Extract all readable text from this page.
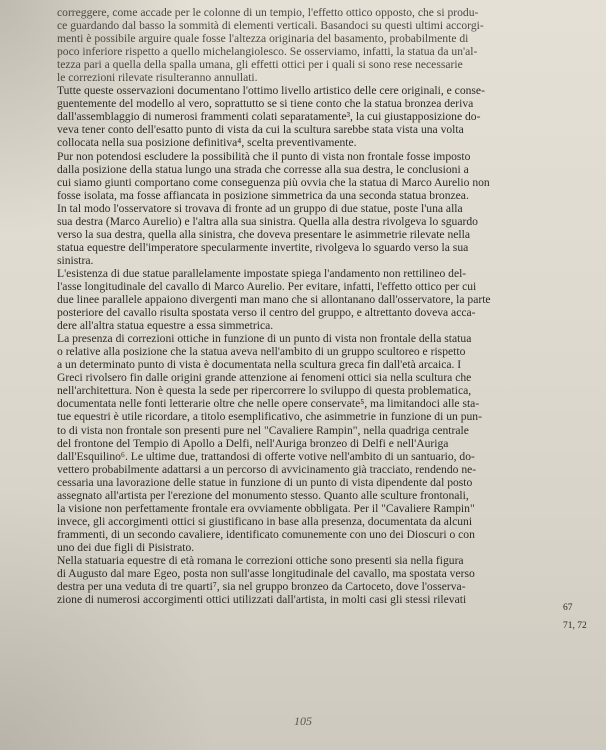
correggere, come accade per le colonne di un tempio, l'effetto ottico opposto, che si produ-
ce guardando dal basso la sommità di elementi verticali. Basandoci su questi ultimi accorgi-
menti è possibile arguire quale fosse l'altezza originaria del basamento, probabilmente di
poco inferiore rispetto a quello michelangiolesco. Se osserviamo, infatti, la statua da un'al-
tezza pari a quella della spalla umana, gli effetti ottici per i quali si sono rese necessarie
le correzioni rilevate risulteranno annullati.
Tutte queste osservazioni documentano l'ottimo livello artistico delle cere originali, e conse-
guentemente del modello al vero, soprattutto se si tiene conto che la statua bronzea deriva
dall'assemblaggio di numerosi frammenti colati separatamente³, la cui giustapposizione do-
veva tener conto dell'esatto punto di vista da cui la scultura sarebbe stata vista una volta
collocata nella sua posizione definitiva⁴, scelta preventivamente.
Pur non potendosi escludere la possibilità che il punto di vista non frontale fosse imposto
dalla posizione della statua lungo una strada che corresse alla sua destra, le conclusioni a
cui siamo giunti comportano come conseguenza più ovvia che la statua di Marco Aurelio non
fosse isolata, ma fosse affiancata in posizione simmetrica da una seconda statua bronzea.
In tal modo l'osservatore si trovava di fronte ad un gruppo di due statue, poste l'una alla
sua destra (Marco Aurelio) e l'altra alla sua sinistra. Quella alla destra rivolgeva lo sguardo
verso la sua destra, quella alla sinistra, che doveva presentare le asimmetrie rilevate nella
statua equestre dell'imperatore specularmente invertite, rivolgeva lo sguardo verso la sua
sinistra.
L'esistenza di due statue parallelamente impostate spiega l'andamento non rettilineo del-
l'asse longitudinale del cavallo di Marco Aurelio. Per evitare, infatti, l'effetto ottico per cui
due linee parallele appaiono divergenti man mano che si allontanano dall'osservatore, la parte
posteriore del cavallo risulta spostata verso il centro del gruppo, e altrettanto doveva acca-
dere all'altra statua equestre a essa simmetrica.
La presenza di correzioni ottiche in funzione di un punto di vista non frontale della statua
o relative alla posizione che la statua aveva nell'ambito di un gruppo scultoreo e rispetto
a un determinato punto di vista è documentata nella scultura greca fin dall'età arcaica. I
Greci rivolsero fin dalle origini grande attenzione ai fenomeni ottici sia nella scultura che
nell'architettura. Non è questa la sede per ripercorrere lo sviluppo di questa problematica,
documentata nelle fonti letterarie oltre che nelle opere conservate⁵, ma limitandoci alle sta-
tue equestri è utile ricordare, a titolo esemplificativo, che asimmetrie in funzione di un pun-
to di vista non frontale son presenti pure nel "Cavaliere Rampin", nella quadriga centrale
del frontone del Tempio di Apollo a Delfi, nell'Auriga bronzeo di Delfi e nell'Auriga
dall'Esquilino⁶. Le ultime due, trattandosi di offerte votive nell'ambito di un santuario, do-
vettero probabilmente adattarsi a un percorso di avvicinamento già tracciato, rendendo ne-
cessaria una lavorazione delle statue in funzione di un punto di vista dipendente dal posto
assegnato all'artista per l'erezione del monumento stesso. Quanto alle sculture frontonali,
la visione non perfettamente frontale era ovviamente obbligata. Per il "Cavaliere Rampin"
invece, gli accorgimenti ottici si giustificano in base alla presenza, documentata da alcuni
frammenti, di un secondo cavaliere, identificato comunemente con uno dei Dioscuri o con
uno dei due figli di Pisistrato.
Nella statuaria equestre di età romana le correzioni ottiche sono presenti sia nella figura
di Augusto dal mare Egeo, posta non sull'asse longitudinale del cavallo, ma spostata verso
destra per una veduta di tre quarti⁷, sia nel gruppo bronzeo da Cartoceto, dove l'osserva-
zione di numerosi accorgimenti ottici utilizzati dall'artista, in molti casi gli stessi rilevati
67
71, 72
105
